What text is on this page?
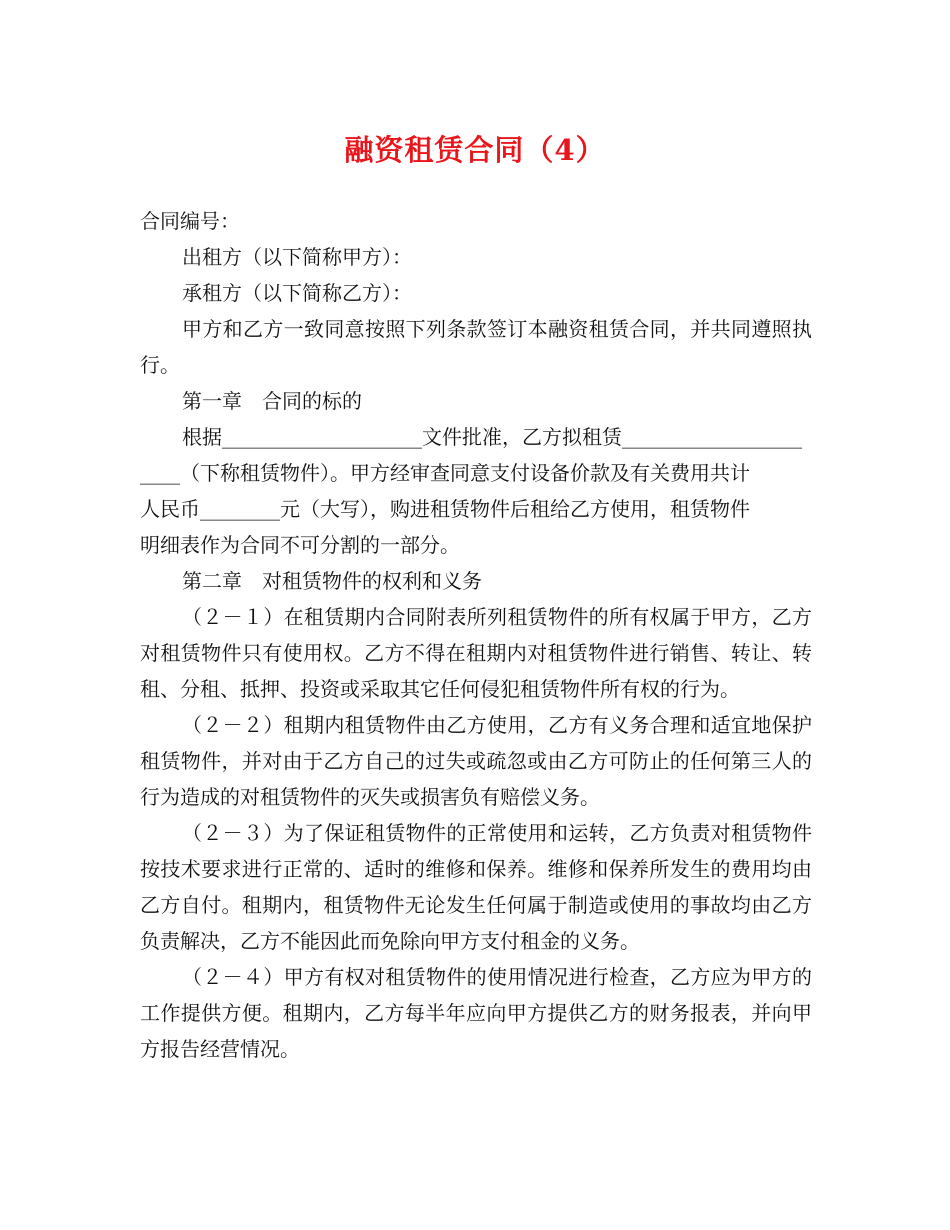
融资租赁合同（4）

合同编号：

出租方（以下简称甲方）：

承租方（以下简称乙方）：

甲方和乙方一致同意按照下列条款签订本融资租赁合同，并共同遵照执行。

第一章　合同的标的

根据____________________文件批准，乙方拟租赁__________________
____（下称租赁物件）。甲方经审查同意支付设备价款及有关费用共计
人民币________元（大写），购进租赁物件后租给乙方使用，租赁物件
明细表作为合同不可分割的一部分。

第二章　对租赁物件的权利和义务

（２－１）在租赁期内合同附表所列租赁物件的所有权属于甲方，乙方对租赁物件只有使用权。乙方不得在租期内对租赁物件进行销售、转让、转租、分租、抵押、投资或采取其它任何侵犯租赁物件所有权的行为。

（２－２）租期内租赁物件由乙方使用，乙方有义务合理和适宜地保护租赁物件，并对由于乙方自己的过失或疏忽或由乙方可防止的任何第三人的行为造成的对租赁物件的灭失或损害负有赔偿义务。

（２－３）为了保证租赁物件的正常使用和运转，乙方负责对租赁物件按技术要求进行正常的、适时的维修和保养。维修和保养所发生的费用均由乙方自付。租期内，租赁物件无论发生任何属于制造或使用的事故均由乙方负责解决，乙方不能因此而免除向甲方支付租金的义务。

（２－４）甲方有权对租赁物件的使用情况进行检查，乙方应为甲方的工作提供方便。租期内，乙方每半年应向甲方提供乙方的财务报表，并向甲方报告经营情况。
